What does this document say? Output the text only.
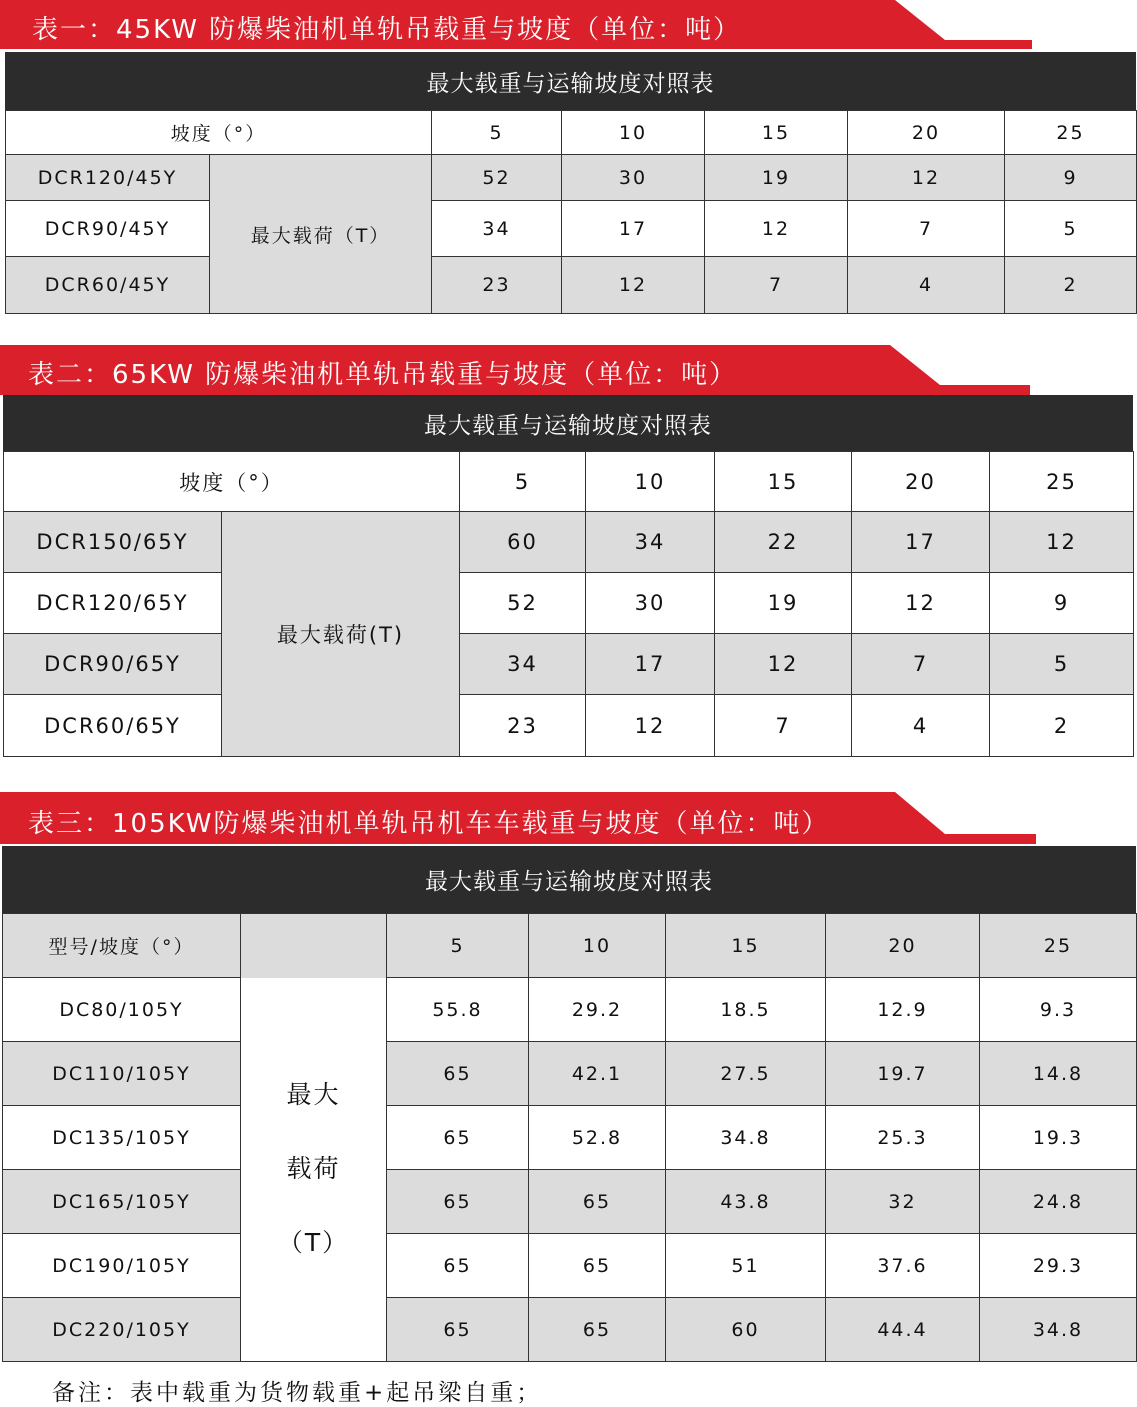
表一：45KW 防爆柴油机单轨吊载重与坡度（单位：吨）
最大载重与运输坡度对照表
坡度（°）		5	10	15	20	25
DCR120/45Y	最大载荷（T）	52	30	19	12	9
DCR90/45Y		34	17	12	7	5
DCR60/45Y		23	12	7	4	2
表二：65KW 防爆柴油机单轨吊载重与坡度（单位：吨）
最大载重与运输坡度对照表
坡度（°）		5	10	15	20	25
DCR150/65Y	最大载荷(T)	60	34	22	17	12
DCR120/65Y		52	30	19	12	9
DCR90/65Y		34	17	12	7	5
DCR60/65Y		23	12	7	4	2
表三：105KW防爆柴油机单轨吊机车车载重与坡度（单位：吨）
最大载重与运输坡度对照表
型号/坡度（°）		5	10	15	20	25
DC80/105Y	最大
载荷
（T）	55.8	29.2	18.5	12.9	9.3
DC110/105Y		65	42.1	27.5	19.7	14.8
DC135/105Y		65	52.8	34.8	25.3	19.3
DC165/105Y		65	65	43.8	32	24.8
DC190/105Y		65	65	51	37.6	29.3
DC220/105Y		65	65	60	44.4	34.8
备注：表中载重为货物载重+起吊梁自重；
